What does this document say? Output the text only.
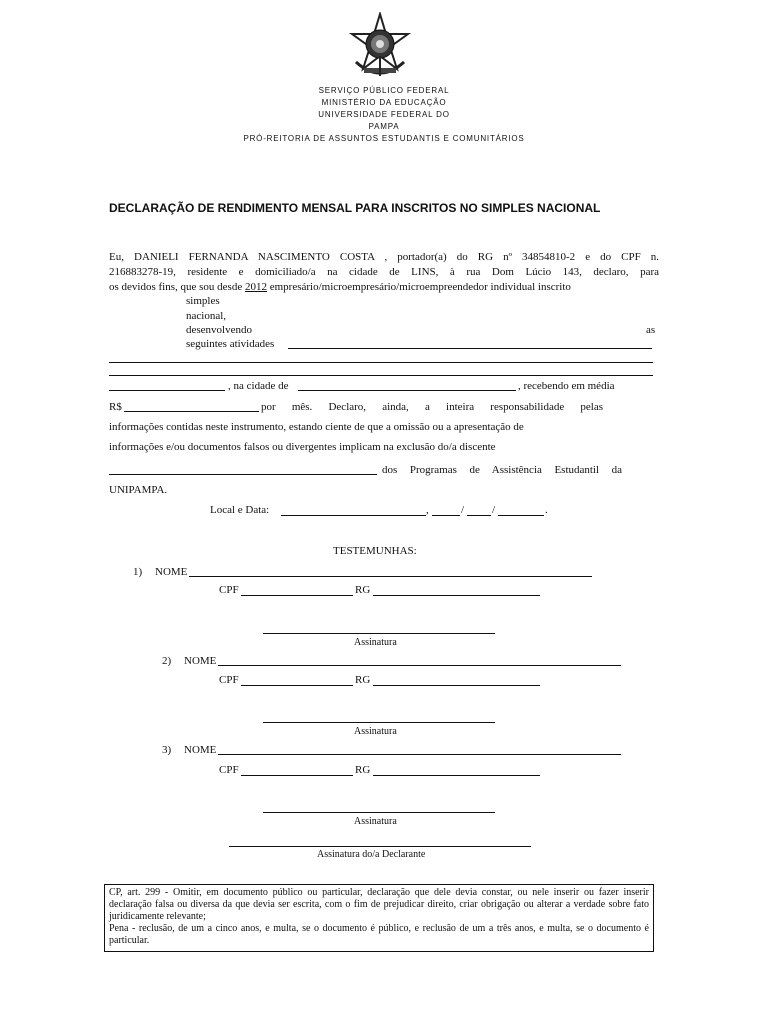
SERVIÇO PÚBLICO FEDERAL
MINISTÉRIO DA EDUCAÇÃO
UNIVERSIDADE FEDERAL DO
PAMPA
PRÓ-REITORIA DE ASSUNTOS ESTUDANTIS E COMUNITÁRIOS
DECLARAÇÃO DE RENDIMENTO MENSAL PARA INSCRITOS NO SIMPLES NACIONAL
Eu, DANIELI FERNANDA NASCIMENTO COSTA , portador(a) do RG nº 34854810-2 e do CPF n.
216883278-19, residente e domiciliado/a na cidade de LINS, à rua Dom Lúcio 143, declaro, para
os devidos fins, que sou desde 2012 empresário/microempresário/microempreendedor individual inscrito
simples
nacional,
desenvolvendo	as
seguintes atividades
, na cidade de	, recebendo em média
R$	por mês. Declaro, ainda, a inteira responsabilidade pelas
informações contidas neste instrumento, estando ciente de que a omissão ou a apresentação de
informações e/ou documentos falsos ou divergentes implicam na exclusão do/a discente
dos Programas de Assistência Estudantil da
UNIPAMPA.
Local e Data:	,	/	/	.
TESTEMUNHAS:
1) NOME
CPF	RG
Assinatura
2) NOME
CPF	RG
Assinatura
3) NOME
CPF	RG
Assinatura
Assinatura do/a Declarante
CP, art. 299 - Omitir, em documento público ou particular, declaração que dele devia constar, ou nele inserir ou fazer inserir declaração falsa ou diversa da que devia ser escrita, com o fim de prejudicar direito, criar obrigação ou alterar a verdade sobre fato juridicamente relevante;
Pena - reclusão, de um a cinco anos, e multa, se o documento é público, e reclusão de um a três anos, e multa, se o documento é particular.
